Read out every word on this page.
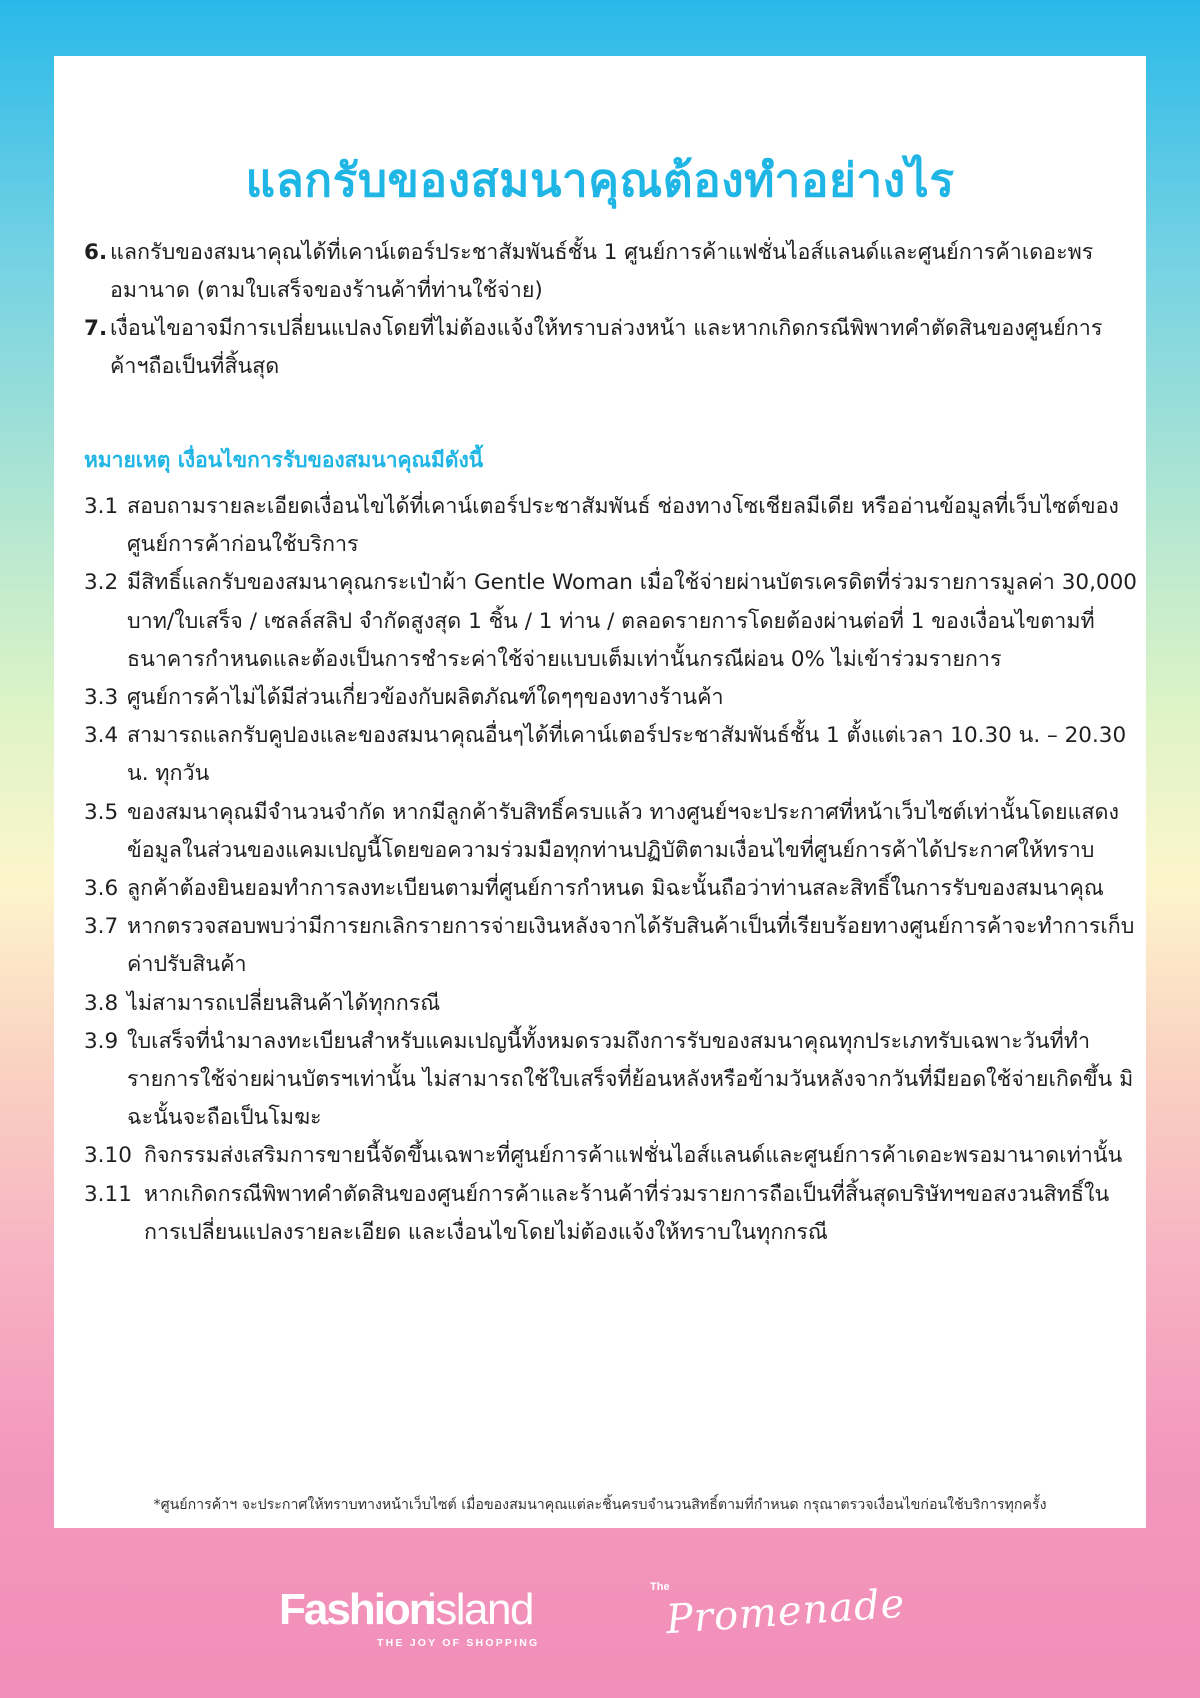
แลกรับของสมนาคุณต้องทำอย่างไร
6. แลกรับของสมนาคุณได้ที่เคาน์เตอร์ประชาสัมพันธ์ชั้น 1 ศูนย์การค้าแฟชั่นไอส์แลนด์และศูนย์การค้าเดอะพรอมานาด (ตามใบเสร็จของร้านค้าที่ท่านใช้จ่าย)
7. เงื่อนไขอาจมีการเปลี่ยนแปลงโดยที่ไม่ต้องแจ้งให้ทราบล่วงหน้า และหากเกิดกรณีพิพาทคำตัดสินของศูนย์การค้าฯถือเป็นที่สิ้นสุด
หมายเหตุ เงื่อนไขการรับของสมนาคุณมีดังนี้
3.1 สอบถามรายละเอียดเงื่อนไขได้ที่เคาน์เตอร์ประชาสัมพันธ์ ช่องทางโซเชียลมีเดีย หรืออ่านข้อมูลที่เว็บไซต์ของศูนย์การค้าก่อนใช้บริการ
3.2 มีสิทธิ์แลกรับของสมนาคุณกระเป๋าผ้า Gentle Woman เมื่อใช้จ่ายผ่านบัตรเครดิตที่ร่วมรายการมูลค่า 30,000 บาท/ใบเสร็จ / เซลล์สลิป จำกัดสูงสุด 1 ชิ้น / 1 ท่าน / ตลอดรายการโดยต้องผ่านต่อที่ 1 ของเงื่อนไขตามที่ธนาคารกำหนดและต้องเป็นการชำระค่าใช้จ่ายแบบเต็มเท่านั้นกรณีผ่อน 0% ไม่เข้าร่วมรายการ
3.3 ศูนย์การค้าไม่ได้มีส่วนเกี่ยวข้องกับผลิตภัณฑ์ใดๆๆของทางร้านค้า
3.4 สามารถแลกรับคูปองและของสมนาคุณอื่นๆได้ที่เคาน์เตอร์ประชาสัมพันธ์ชั้น 1 ตั้งแต่เวลา 10.30 น. – 20.30 น. ทุกวัน
3.5 ของสมนาคุณมีจำนวนจำกัด หากมีลูกค้ารับสิทธิ์ครบแล้ว ทางศูนย์ฯจะประกาศที่หน้าเว็บไซต์เท่านั้นโดยแสดงข้อมูลในส่วนของแคมเปญนี้โดยขอความร่วมมือทุกท่านปฏิบัติตามเงื่อนไขที่ศูนย์การค้าได้ประกาศให้ทราบ
3.6 ลูกค้าต้องยินยอมทำการลงทะเบียนตามที่ศูนย์การกำหนด มิฉะนั้นถือว่าท่านสละสิทธิ์ในการรับของสมนาคุณ
3.7 หากตรวจสอบพบว่ามีการยกเลิกรายการจ่ายเงินหลังจากได้รับสินค้าเป็นที่เรียบร้อยทางศูนย์การค้าจะทำการเก็บค่าปรับสินค้า
3.8 ไม่สามารถเปลี่ยนสินค้าได้ทุกกรณี
3.9 ใบเสร็จที่นำมาลงทะเบียนสำหรับแคมเปญนี้ทั้งหมดรวมถึงการรับของสมนาคุณทุกประเภทรับเฉพาะวันที่ทำรายการใช้จ่ายผ่านบัตรฯเท่านั้น ไม่สามารถใช้ใบเสร็จที่ย้อนหลังหรือข้ามวันหลังจากวันที่มียอดใช้จ่ายเกิดขึ้น มิฉะนั้นจะถือเป็นโมฆะ
3.10 กิจกรรมส่งเสริมการขายนี้จัดขึ้นเฉพาะที่ศูนย์การค้าแฟชั่นไอส์แลนด์และศูนย์การค้าเดอะพรอมานาดเท่านั้น
3.11 หากเกิดกรณีพิพาทคำตัดสินของศูนย์การค้าและร้านค้าที่ร่วมรายการถือเป็นที่สิ้นสุดบริษัทฯขอสงวนสิทธิ์ในการเปลี่ยนแปลงรายละเอียด และเงื่อนไขโดยไม่ต้องแจ้งให้ทราบในทุกกรณี
*ศูนย์การค้าฯ จะประกาศให้ทราบทางหน้าเว็บไซต์ เมื่อของสมนาคุณแต่ละชิ้นครบจำนวนสิทธิ์ตามที่กำหนด กรุณาตรวจเงื่อนไขก่อนใช้บริการทุกครั้ง
Fashion
island
THE JOY OF SHOPPING
The
Promenade
